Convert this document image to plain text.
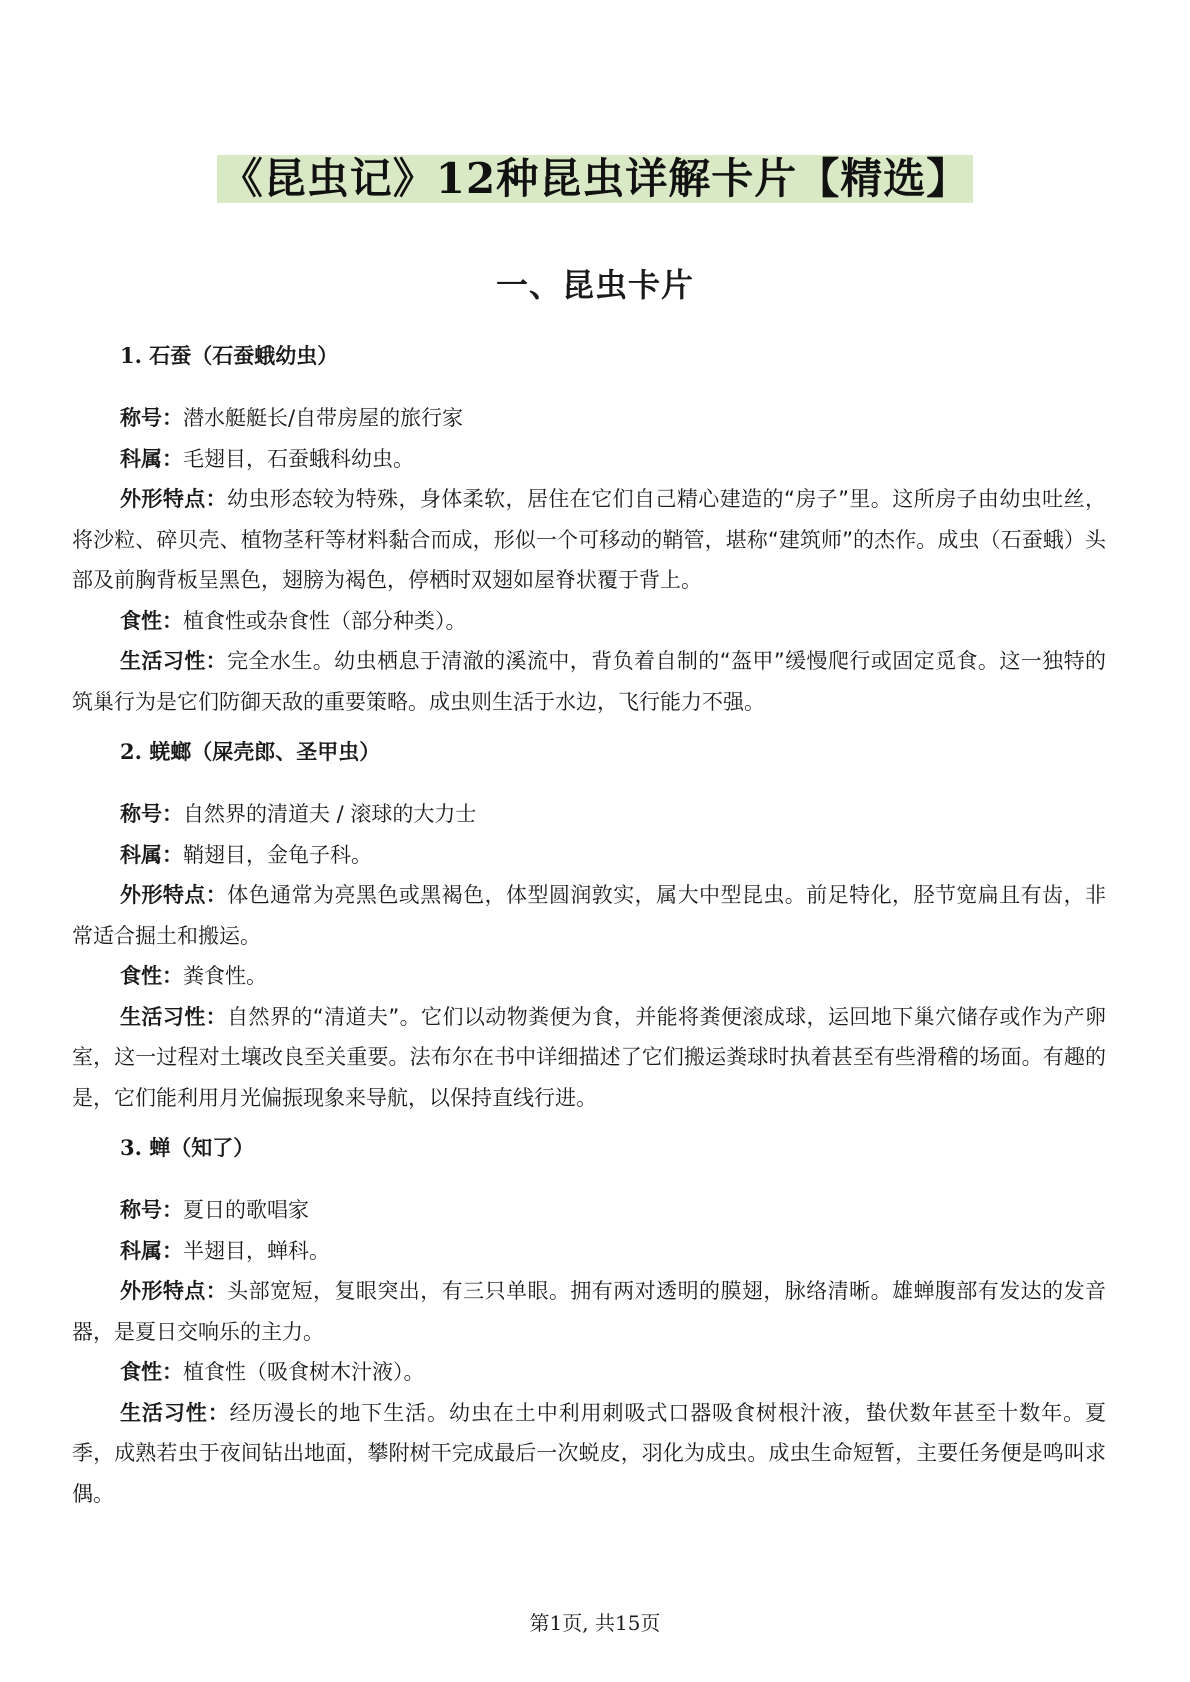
《昆虫记》12种昆虫详解卡片【精选】
一、昆虫卡片
1. 石蚕（石蚕蛾幼虫）

称号：潜水艇艇长/自带房屋的旅行家

科属：毛翅目，石蚕蛾科幼虫。

外形特点：幼虫形态较为特殊，身体柔软，居住在它们自己精心建造的“房子”里。这所房子由幼虫吐丝，将沙粒、碎贝壳、植物茎秆等材料黏合而成，形似一个可移动的鞘管，堪称“建筑师”的杰作。成虫（石蚕蛾）头部及前胸背板呈黑色，翅膀为褐色，停栖时双翅如屋脊状覆于背上。

食性：植食性或杂食性（部分种类）。

生活习性：完全水生。幼虫栖息于清澈的溪流中，背负着自制的“盔甲”缓慢爬行或固定觅食。这一独特的筑巢行为是它们防御天敌的重要策略。成虫则生活于水边，飞行能力不强。

2. 蜣螂（屎壳郎、圣甲虫）

称号：自然界的清道夫 / 滚球的大力士

科属：鞘翅目，金龟子科。

外形特点：体色通常为亮黑色或黑褐色，体型圆润敦实，属大中型昆虫。前足特化，胫节宽扁且有齿，非常适合掘土和搬运。

食性：粪食性。

生活习性：自然界的“清道夫”。它们以动物粪便为食，并能将粪便滚成球，运回地下巢穴储存或作为产卵室，这一过程对土壤改良至关重要。法布尔在书中详细描述了它们搬运粪球时执着甚至有些滑稽的场面。有趣的是，它们能利用月光偏振现象来导航，以保持直线行进。

3. 蝉（知了）

称号：夏日的歌唱家

科属：半翅目，蝉科。

外形特点：头部宽短，复眼突出，有三只单眼。拥有两对透明的膜翅，脉络清晰。雄蝉腹部有发达的发音器，是夏日交响乐的主力。

食性：植食性（吸食树木汁液）。

生活习性：经历漫长的地下生活。幼虫在土中利用刺吸式口器吸食树根汁液，蛰伏数年甚至十数年。夏季，成熟若虫于夜间钻出地面，攀附树干完成最后一次蜕皮，羽化为成虫。成虫生命短暂，主要任务便是鸣叫求偶。

第1页, 共15页
